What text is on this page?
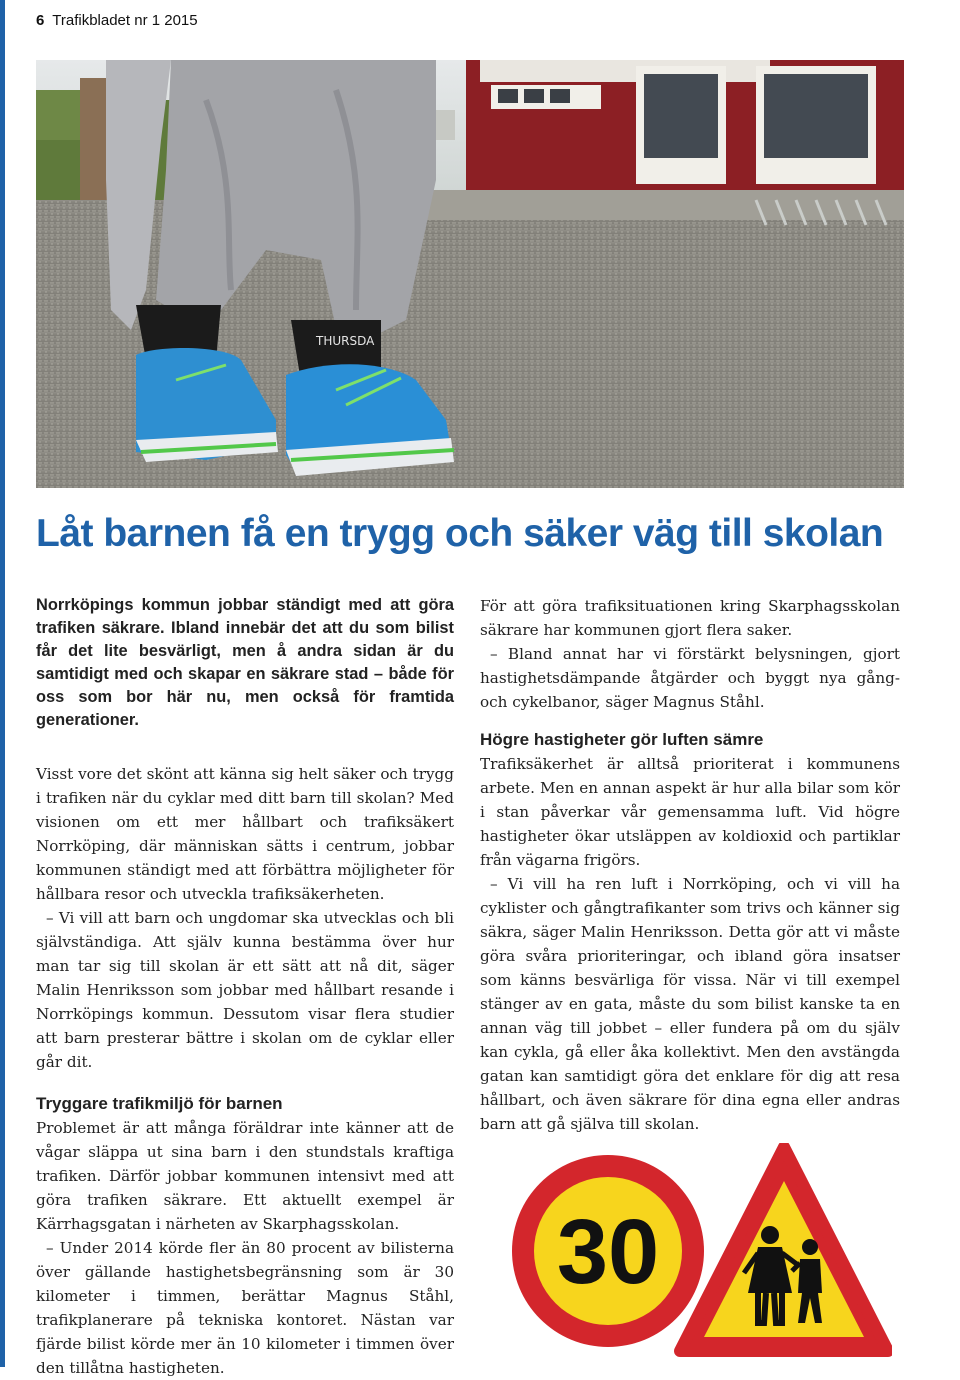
6 Trafikbladet nr 1 2015
THURSDA
Låt barnen få en trygg och säker väg till skolan

Norrköpings kommun jobbar ständigt med att göra trafiken säkrare. Ibland innebär det att du som bilist får det lite besvärligt, men å andra sidan är du samtidigt med och skapar en säkrare stad – både för oss som bor här nu, men också för framtida generationer.

Visst vore det skönt att känna sig helt säker och trygg i trafiken när du cyklar med ditt barn till skolan? Med visionen om ett mer hållbart och trafiksäkert Norrköping, där människan sätts i centrum, jobbar kommunen ständigt med att förbättra möjligheter för hållbara resor och utveckla trafiksäkerheten.

– Vi vill att barn och ungdomar ska utvecklas och bli självständiga. Att själv kunna bestämma över hur man tar sig till skolan är ett sätt att nå dit, säger Malin Henriksson som jobbar med hållbart resande i Norrköpings kommun. Dessutom visar flera studier att barn presterar bättre i skolan om de cyklar eller går dit.

Tryggare trafikmiljö för barnen

Problemet är att många föräldrar inte känner att de vågar släppa ut sina barn i den stundstals kraftiga trafiken. Därför jobbar kommunen intensivt med att göra trafiken säkrare. Ett aktuellt exempel är Kärrhagsgatan i närheten av Skarphagsskolan.

– Under 2014 körde fler än 80 procent av bilisterna över gällande hastighetsbegränsning som är 30 kilometer i timmen, berättar Magnus Ståhl, trafikplanerare på tekniska kontoret. Nästan var fjärde bilist körde mer än 10 kilometer i timmen över den tillåtna hastigheten.

För att göra trafiksituationen kring Skarphagsskolan säkrare har kommunen gjort flera saker.

– Bland annat har vi förstärkt belysningen, gjort hastighetsdämpande åtgärder och byggt nya gång- och cykelbanor, säger Magnus Ståhl.

Högre hastigheter gör luften sämre

Trafiksäkerhet är alltså prioriterat i kommunens arbete. Men en annan aspekt är hur alla bilar som kör i stan påverkar vår gemensamma luft. Vid högre hastigheter ökar utsläppen av koldioxid och partiklar från vägarna frigörs.

– Vi vill ha ren luft i Norrköping, och vi vill ha cyklister och gångtrafikanter som trivs och känner sig säkra, säger Malin Henriksson. Detta gör att vi måste göra svåra prioriteringar, och ibland göra insatser som känns besvärliga för vissa. När vi till exempel stänger av en gata, måste du som bilist kanske ta en annan väg till jobbet – eller fundera på om du själv kan cykla, gå eller åka kollektivt. Men den avstängda gatan kan samtidigt göra det enklare för dig att resa hållbart, och även säkrare för dina egna eller andras barn att gå själva till skolan.

30
